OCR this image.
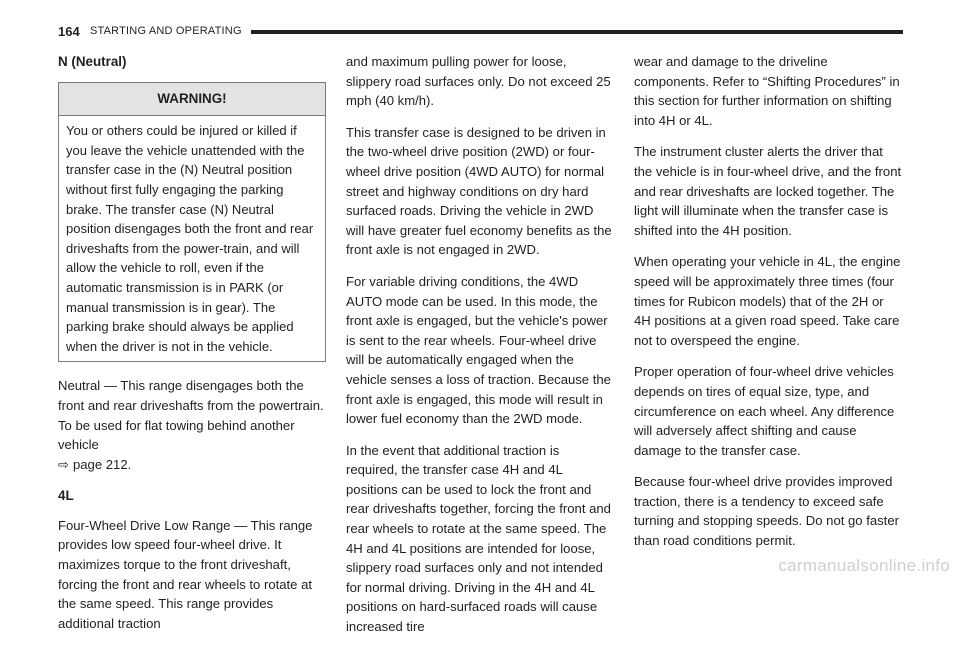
164 STARTING AND OPERATING
N (Neutral)
WARNING!
You or others could be injured or killed if you leave the vehicle unattended with the transfer case in the (N) Neutral position without first fully engaging the parking brake. The transfer case (N) Neutral position disengages both the front and rear driveshafts from the power-train, and will allow the vehicle to roll, even if the automatic transmission is in PARK (or manual transmission is in gear). The parking brake should always be applied when the driver is not in the vehicle.

Neutral — This range disengages both the front and rear driveshafts from the powertrain. To be used for flat towing behind another vehicle
⇨ page 212.

4L

Four-Wheel Drive Low Range — This range provides low speed four-wheel drive. It maximizes torque to the front driveshaft, forcing the front and rear wheels to rotate at the same speed. This range provides additional traction

and maximum pulling power for loose, slippery road surfaces only. Do not exceed 25 mph (40 km/h).

This transfer case is designed to be driven in the two-wheel drive position (2WD) or four-wheel drive position (4WD AUTO) for normal street and highway conditions on dry hard surfaced roads. Driving the vehicle in 2WD will have greater fuel economy benefits as the front axle is not engaged in 2WD.

For variable driving conditions, the 4WD AUTO mode can be used. In this mode, the front axle is engaged, but the vehicle's power is sent to the rear wheels. Four-wheel drive will be automatically engaged when the vehicle senses a loss of traction. Because the front axle is engaged, this mode will result in lower fuel economy than the 2WD mode.

In the event that additional traction is required, the transfer case 4H and 4L positions can be used to lock the front and rear driveshafts together, forcing the front and rear wheels to rotate at the same speed. The 4H and 4L positions are intended for loose, slippery road surfaces only and not intended for normal driving. Driving in the 4H and 4L positions on hard-surfaced roads will cause increased tire

wear and damage to the driveline components. Refer to “Shifting Procedures” in this section for further information on shifting into 4H or 4L.

The instrument cluster alerts the driver that the vehicle is in four-wheel drive, and the front and rear driveshafts are locked together. The light will illuminate when the transfer case is shifted into the 4H position.

When operating your vehicle in 4L, the engine speed will be approximately three times (four times for Rubicon models) that of the 2H or 4H positions at a given road speed. Take care not to overspeed the engine.

Proper operation of four-wheel drive vehicles depends on tires of equal size, type, and circumference on each wheel. Any difference will adversely affect shifting and cause damage to the transfer case.

Because four-wheel drive provides improved traction, there is a tendency to exceed safe turning and stopping speeds. Do not go faster than road conditions permit.

carmanualsonline.info
